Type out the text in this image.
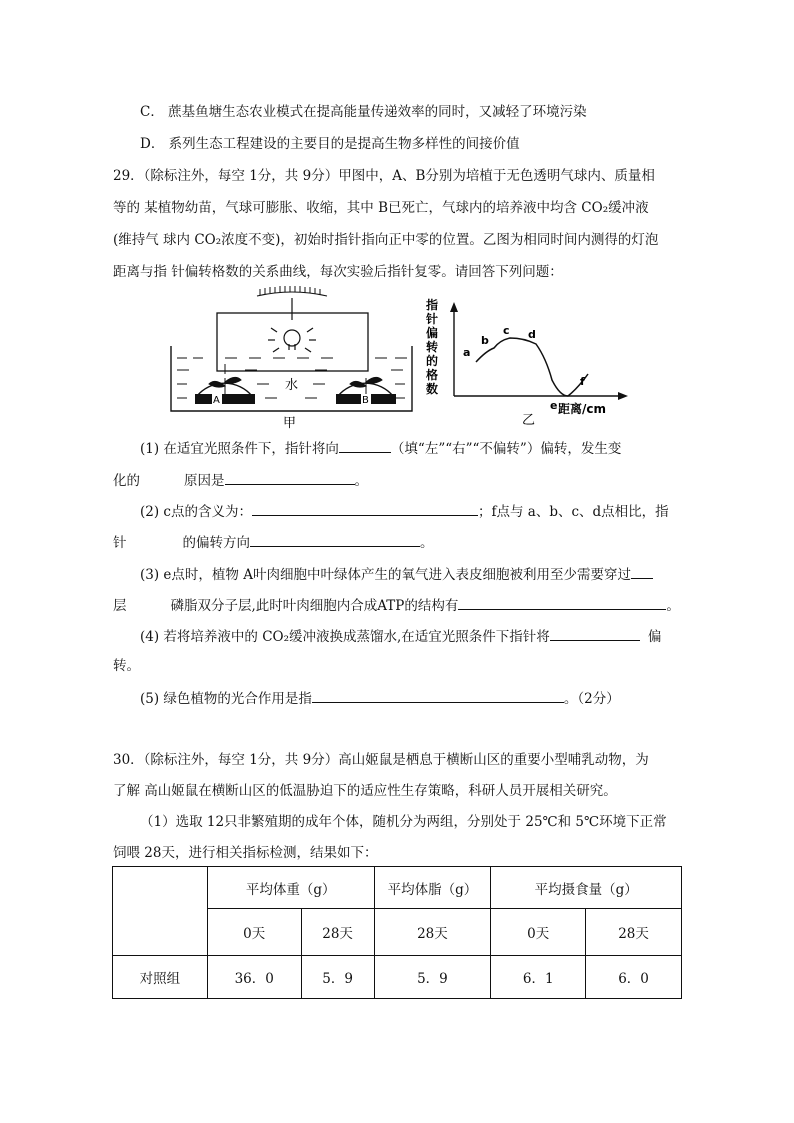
C． 蔗基鱼塘生态农业模式在提高能量传递效率的同时，又减轻了环境污染
D． 系列生态工程建设的主要目的是提高生物多样性的间接价值
29．（除标注外，每空 1分，共 9分）甲图中，A、B分别为培植于无色透明气球内、质量相
等的 某植物幼苗，气球可膨胀、收缩，其中 B已死亡，气球内的培养液中均含 CO₂缓冲液
(维持气 球内 CO₂浓度不变)，初始时指针指向正中零的位置。乙图为相同时间内测得的灯泡
距离与指 针偏转格数的关系曲线，每次实验后指针复零。请回答下列问题：
水
A	B
甲
指
针
偏
转
的
格
数
a
b
c d
e
f
距离/cm
乙
(1) 在适宜光照条件下，指针将向	（填“左”“右”“不偏转”）偏转，发生变
化的	原因是	。
(2) c点的含义为：	；f点与 a、b、c、d点相比，指
针	的偏转方向	。
(3) e点时，植物 A叶肉细胞中叶绿体产生的氧气进入表皮细胞被利用至少需要穿过
层	磷脂双分子层,此时叶肉细胞内合成ATP的结构有	。
(4) 若将培养液中的 CO₂缓冲液换成蒸馏水,在适宜光照条件下指针将	偏
转。
(5) 绿色植物的光合作用是指	。（2分）
30．（除标注外，每空 1分，共 9分）高山姬鼠是栖息于横断山区的重要小型哺乳动物，为
了解 高山姬鼠在横断山区的低温胁迫下的适应性生存策略，科研人员开展相关研究。
（1）选取 12只非繁殖期的成年个体，随机分为两组，分别处于 25℃和 5℃环境下正常
饲喂 28天，进行相关指标检测，结果如下：
	平均体重（g）		平均体脂（g）	平均摄食量（g）	
	0天	28天	28天	0天	28天
对照组	36．0	5．9	5．9	6．1	6．0
